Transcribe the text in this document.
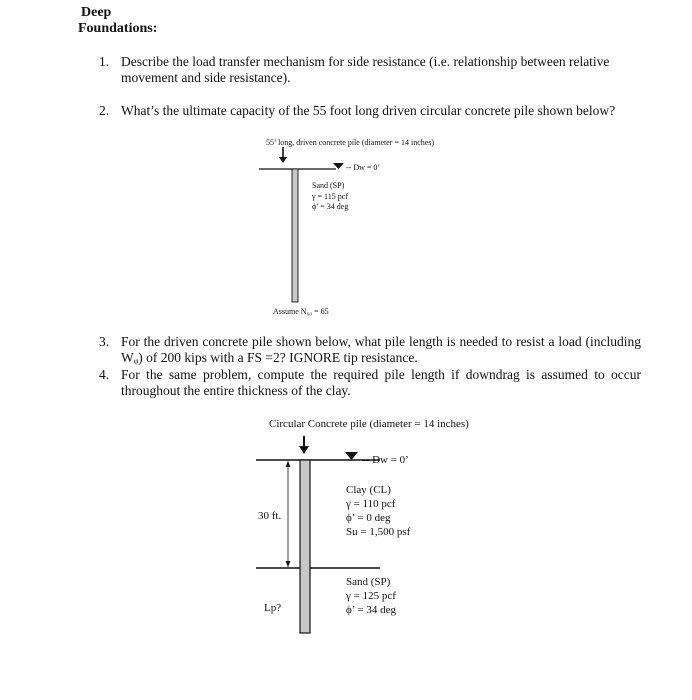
Deep
Foundations:
1. Describe the load transfer mechanism for side resistance (i.e. relationship between relative movement and side resistance).
2. What’s the ultimate capacity of the 55 foot long driven circular concrete pile shown below?
55’ long, driven concrete pile (diameter = 14 inches)
-- Dw = 0’
Sand (SP)
γ = 115 pcf
ϕ’ = 34 deg
Assume N₆₀ = 65
3. For the driven concrete pile shown below, what pile length is needed to resist a load (including Wᵩ) of 200 kips with a FS =2? IGNORE tip resistance.
4. For the same problem, compute the required pile length if downdrag is assumed to occur throughout the entire thickness of the clay.
Circular Concrete pile (diameter = 14 inches)
-- Dw = 0’
Clay (CL)
γ = 110 pcf
ϕ’ = 0 deg
Su = 1,500 psf
30 ft.
Sand (SP)
γ = 125 pcf
ϕ’ = 34 deg
Lp?
